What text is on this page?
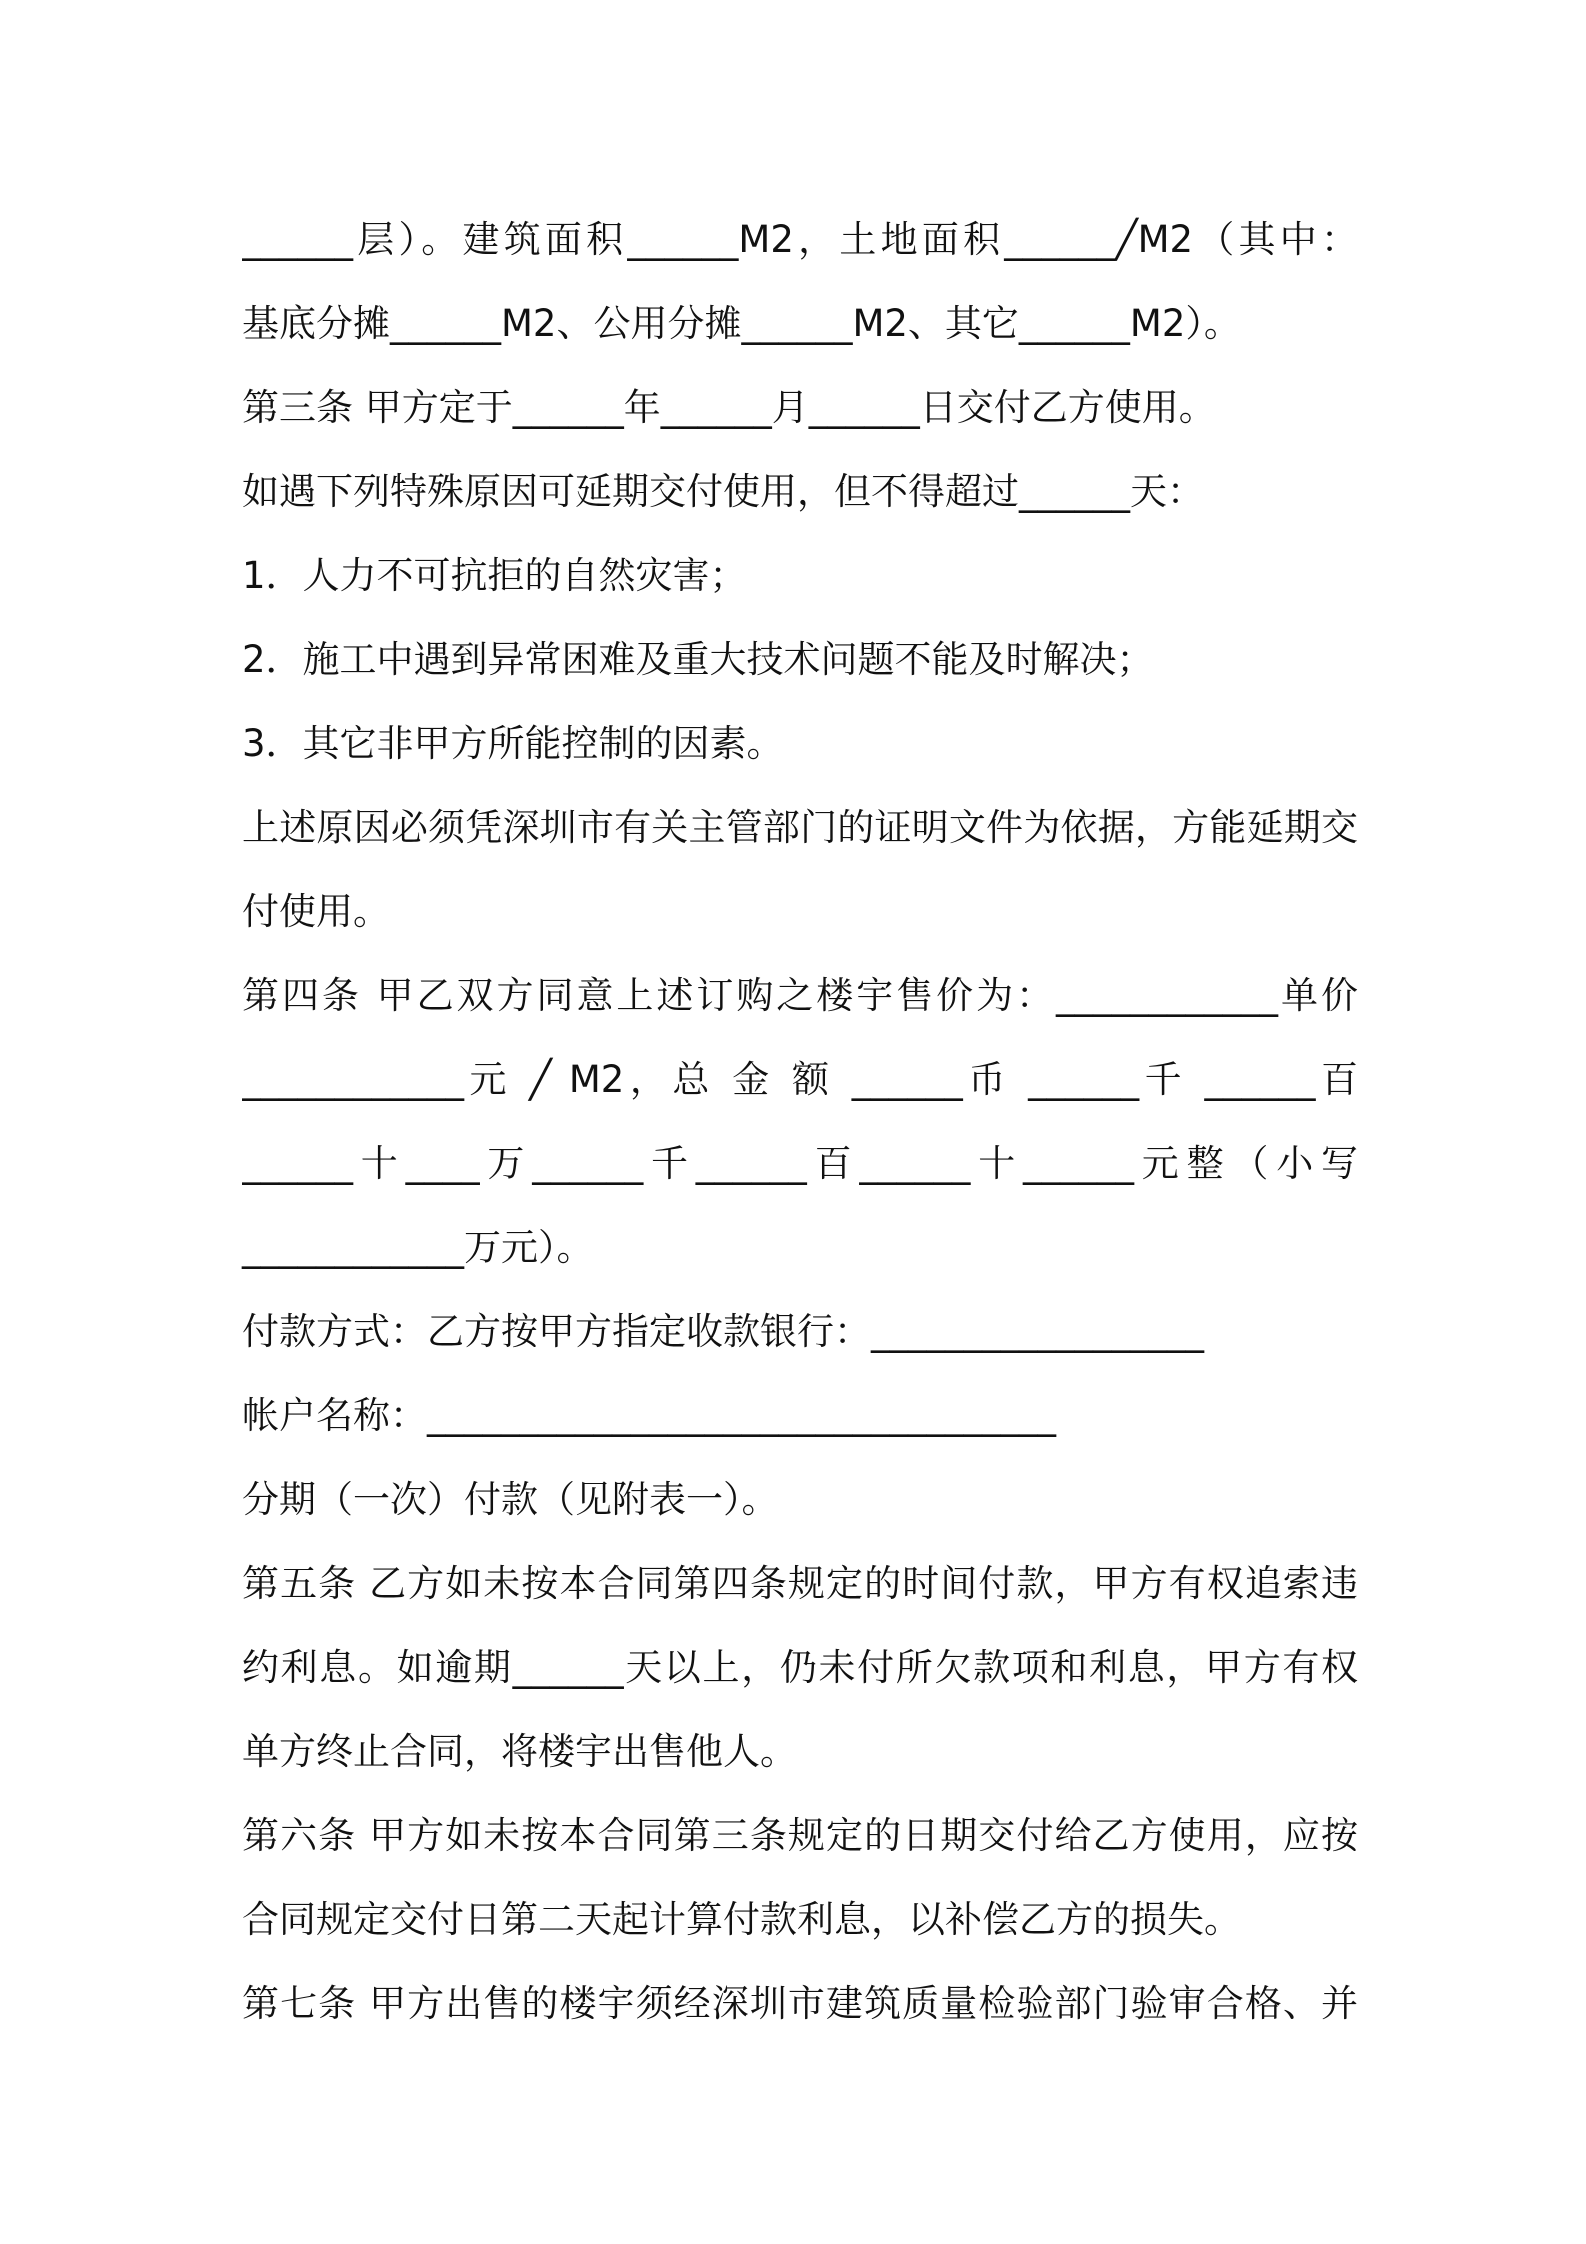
______层）。建筑面积______M2，土地面积______╱M2（其中：
基底分摊______M2、公用分摊______M2、其它______M2）。
第三条 甲方定于______年______月______日交付乙方使用。
如遇下列特殊原因可延期交付使用，但不得超过______天：
1．人力不可抗拒的自然灾害；
2．施工中遇到异常困难及重大技术问题不能及时解决；
3．其它非甲方所能控制的因素。
上述原因必须凭深圳市有关主管部门的证明文件为依据，方能延期交
付使用。
第四条 甲乙双方同意上述订购之楼宇售价为：____________单价
____________元 ╱ M2，总 金 额 ______币 ______千 ______百
______十____万______千______百______十______元整（小写
____________万元）。
付款方式：乙方按甲方指定收款银行：__________________
帐户名称：__________________________________
分期（一次）付款（见附表一）。
第五条 乙方如未按本合同第四条规定的时间付款，甲方有权追索违
约利息。如逾期______天以上，仍未付所欠款项和利息，甲方有权
单方终止合同，将楼宇出售他人。
第六条 甲方如未按本合同第三条规定的日期交付给乙方使用，应按
合同规定交付日第二天起计算付款利息，以补偿乙方的损失。
第七条 甲方出售的楼宇须经深圳市建筑质量检验部门验审合格、并
